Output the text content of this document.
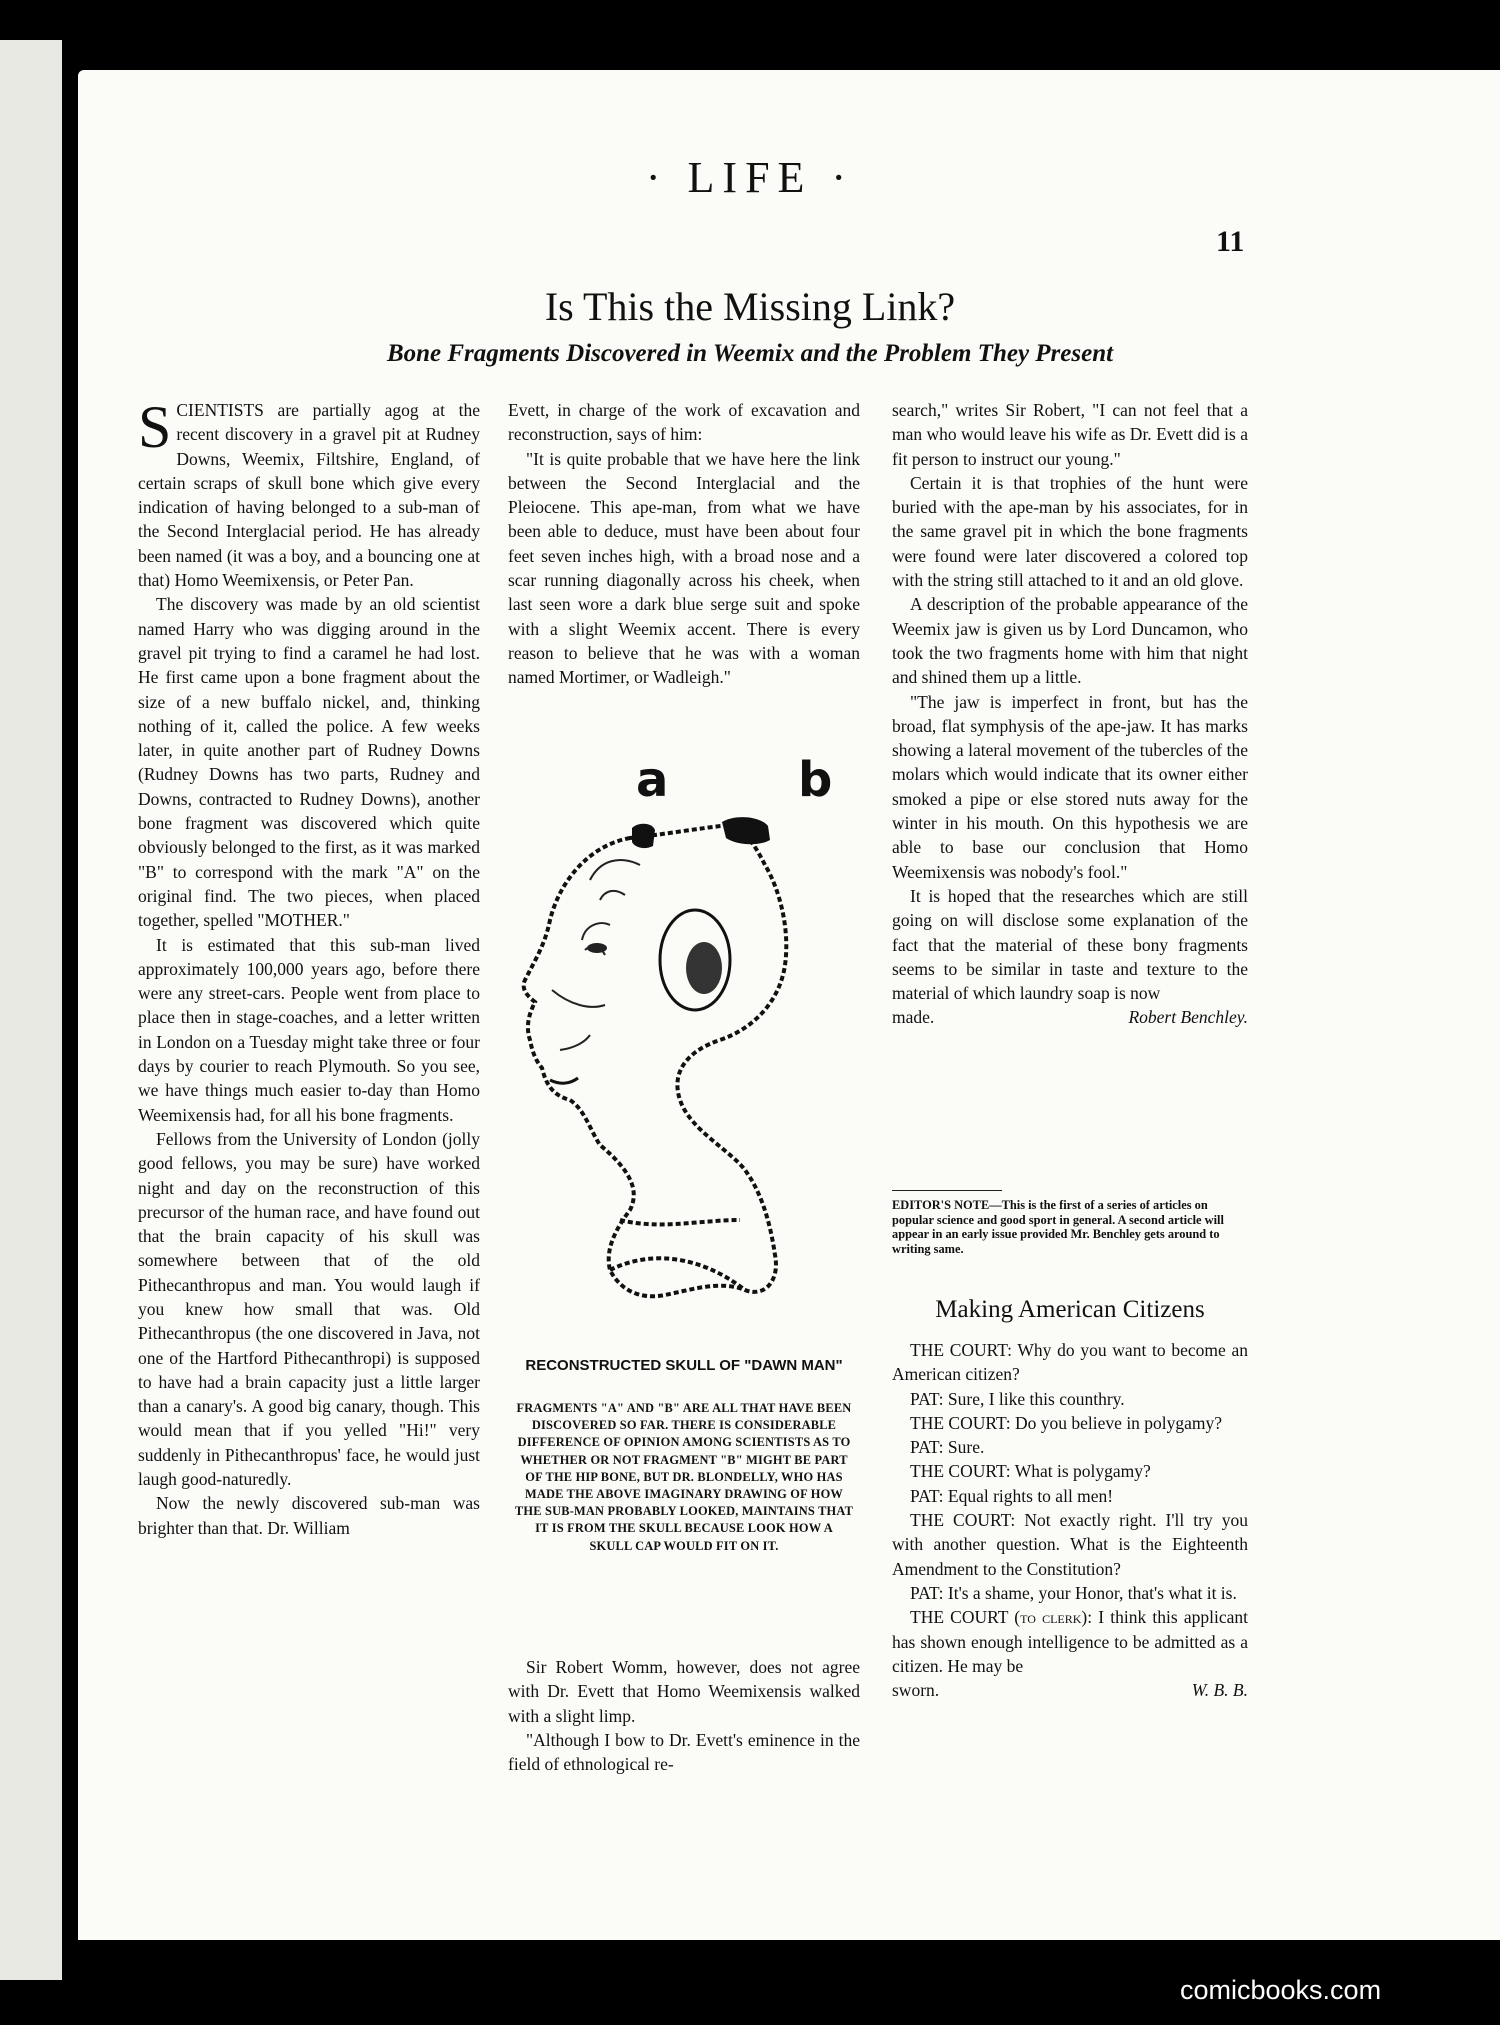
· LIFE ·
11
Is This the Missing Link?
Bone Fragments Discovered in Weemix and the Problem They Present

SCIENTISTS are partially agog at the recent discovery in a gravel pit at Rudney Downs, Weemix, Filtshire, England, of certain scraps of skull bone which give every indication of having belonged to a sub-man of the Second Interglacial period. He has already been named (it was a boy, and a bouncing one at that) Homo Weemixensis, or Peter Pan.

The discovery was made by an old scientist named Harry who was digging around in the gravel pit trying to find a caramel he had lost. He first came upon a bone fragment about the size of a new buffalo nickel, and, thinking nothing of it, called the police. A few weeks later, in quite another part of Rudney Downs (Rudney Downs has two parts, Rudney and Downs, contracted to Rudney Downs), another bone fragment was discovered which quite obviously belonged to the first, as it was marked "B" to correspond with the mark "A" on the original find. The two pieces, when placed together, spelled "MOTHER."

It is estimated that this sub-man lived approximately 100,000 years ago, before there were any street-cars. People went from place to place then in stage-coaches, and a letter written in London on a Tuesday might take three or four days by courier to reach Plymouth. So you see, we have things much easier to-day than Homo Weemixensis had, for all his bone fragments.

Fellows from the University of London (jolly good fellows, you may be sure) have worked night and day on the reconstruction of this precursor of the human race, and have found out that the brain capacity of his skull was somewhere between that of the old Pithecanthropus and man. You would laugh if you knew how small that was. Old Pithecanthropus (the one discovered in Java, not one of the Hartford Pithecanthropi) is supposed to have had a brain capacity just a little larger than a canary's. A good big canary, though. This would mean that if you yelled "Hi!" very suddenly in Pithecanthropus' face, he would just laugh good-naturedly.

Now the newly discovered sub-man was brighter than that. Dr. William

Evett, in charge of the work of excavation and reconstruction, says of him:

"It is quite probable that we have here the link between the Second Interglacial and the Pleiocene. This ape-man, from what we have been able to deduce, must have been about four feet seven inches high, with a broad nose and a scar running diagonally across his cheek, when last seen wore a dark blue serge suit and spoke with a slight Weemix accent. There is every reason to believe that he was with a woman named Mortimer, or Wadleigh."

a	b
RECONSTRUCTED SKULL OF "DAWN MAN"
FRAGMENTS "A" AND "B" ARE ALL THAT HAVE BEEN DISCOVERED SO FAR. THERE IS CONSIDERABLE DIFFERENCE OF OPINION AMONG SCIENTISTS AS TO WHETHER OR NOT FRAGMENT "B" MIGHT BE PART OF THE HIP BONE, BUT DR. BLONDELLY, WHO HAS MADE THE ABOVE IMAGINARY DRAWING OF HOW THE SUB-MAN PROBABLY LOOKED, MAINTAINS THAT IT IS FROM THE SKULL BECAUSE LOOK HOW A SKULL CAP WOULD FIT ON IT.

Sir Robert Womm, however, does not agree with Dr. Evett that Homo Weemixensis walked with a slight limp.

"Although I bow to Dr. Evett's eminence in the field of ethnological re-

search," writes Sir Robert, "I can not feel that a man who would leave his wife as Dr. Evett did is a fit person to instruct our young."

Certain it is that trophies of the hunt were buried with the ape-man by his associates, for in the same gravel pit in which the bone fragments were found were later discovered a colored top with the string still attached to it and an old glove.

A description of the probable appearance of the Weemix jaw is given us by Lord Duncamon, who took the two fragments home with him that night and shined them up a little.

"The jaw is imperfect in front, but has the broad, flat symphysis of the ape-jaw. It has marks showing a lateral movement of the tubercles of the molars which would indicate that its owner either smoked a pipe or else stored nuts away for the winter in his mouth. On this hypothesis we are able to base our conclusion that Homo Weemixensis was nobody's fool."

It is hoped that the researches which are still going on will disclose some explanation of the fact that the material of these bony fragments seems to be similar in taste and texture to the material of which laundry soap is now

made.	Robert Benchley.
EDITOR'S NOTE—This is the first of a series of articles on popular science and good sport in general. A second article will appear in an early issue provided Mr. Benchley gets around to writing same.
Making American Citizens

THE COURT: Why do you want to become an American citizen?

PAT: Sure, I like this counthry.

THE COURT: Do you believe in polygamy?

PAT: Sure.

THE COURT: What is polygamy?

PAT: Equal rights to all men!

THE COURT: Not exactly right. I'll try you with another question. What is the Eighteenth Amendment to the Constitution?

PAT: It's a shame, your Honor, that's what it is.

THE COURT (to clerk): I think this applicant has shown enough intelligence to be admitted as a citizen. He may be

sworn.	W. B. B.
comicbooks.com
